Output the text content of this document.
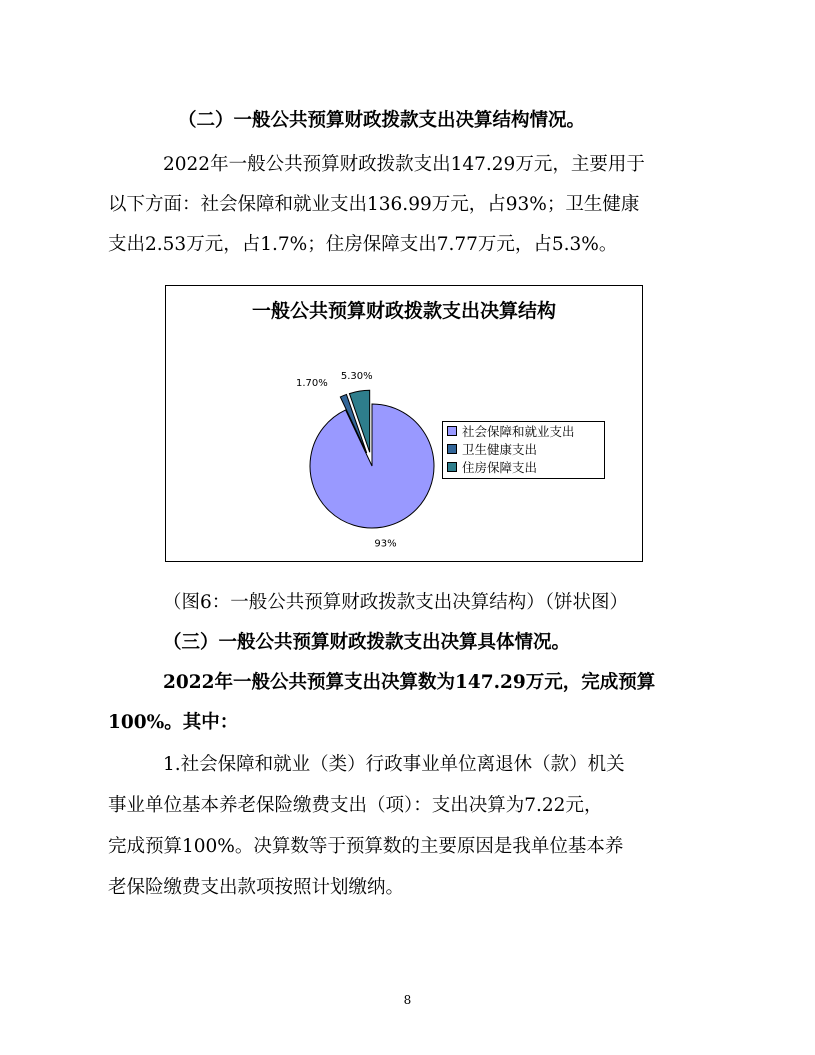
（二）一般公共预算财政拨款支出决算结构情况。
2022年一般公共预算财政拨款支出147.29万元，主要用于
以下方面：社会保障和就业支出136.99万元，占93%；卫生健康
支出2.53万元，占1.7%；住房保障支出7.77万元，占5.3%。
一般公共预算财政拨款支出决算结构
93%
1.70%
5.30%
社会保障和就业支出
卫生健康支出
住房保障支出
（图6：一般公共预算财政拨款支出决算结构）（饼状图）
（三）一般公共预算财政拨款支出决算具体情况。
2022年一般公共预算支出决算数为147.29万元，完成预算
100%。其中：
1.社会保障和就业（类）行政事业单位离退休（款）机关
事业单位基本养老保险缴费支出（项）：支出决算为7.22元，
完成预算100%。决算数等于预算数的主要原因是我单位基本养
老保险缴费支出款项按照计划缴纳。
8
